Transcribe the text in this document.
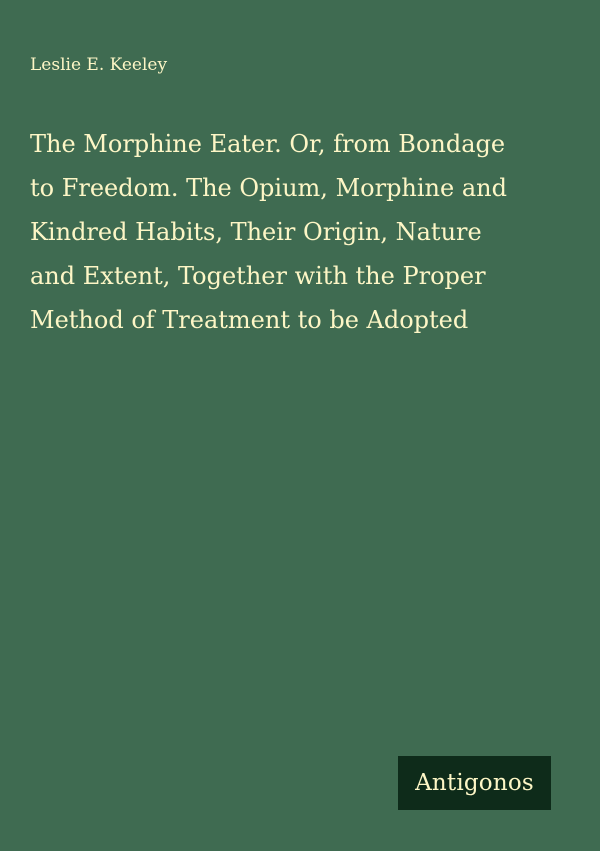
Leslie E. Keeley
The Morphine Eater. Or, from Bondage
to Freedom. The Opium, Morphine and
Kindred Habits, Their Origin, Nature
and Extent, Together with the Proper
Method of Treatment to be Adopted
Antigonos
